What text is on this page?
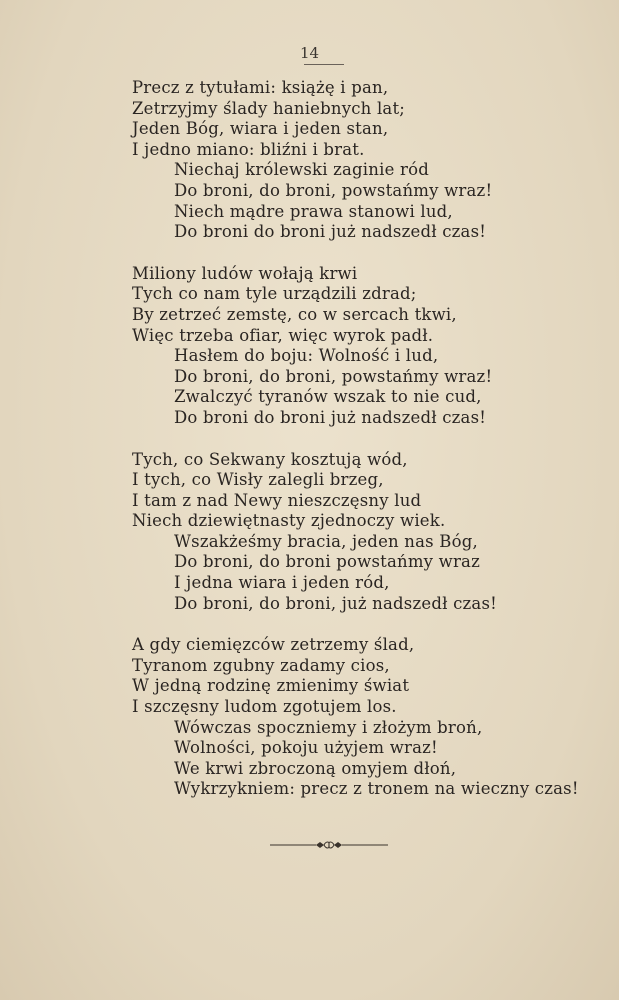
14
Precz z tytułami: książę i pan,
Zetrzyjmy ślady haniebnych lat;
Jeden Bóg, wiara i jeden stan,
I jedno miano: bliźni i brat.
Niechaj królewski zaginie ród
Do broni, do broni, powstańmy wraz!
Niech mądre prawa stanowi lud,
Do broni do broni już nadszedł czas!
Miliony ludów wołają krwi
Tych co nam tyle urządzili zdrad;
By zetrzeć zemstę, co w sercach tkwi,
Więc trzeba ofiar, więc wyrok padł.
Hasłem do boju: Wolność i lud,
Do broni, do broni, powstańmy wraz!
Zwalczyć tyranów wszak to nie cud,
Do broni do broni już nadszedł czas!
Tych, co Sekwany kosztują wód,
I tych, co Wisły zalegli brzeg,
I tam z nad Newy nieszczęsny lud
Niech dziewiętnasty zjednoczy wiek.
Wszakżeśmy bracia, jeden nas Bóg,
Do broni, do broni powstańmy wraz
I jedna wiara i jeden ród,
Do broni, do broni, już nadszedł czas!
A gdy ciemięzców zetrzemy ślad,
Tyranom zgubny zadamy cios,
W jedną rodzinę zmienimy świat
I szczęsny ludom zgotujem los.
Wówczas spoczniemy i złożym broń,
Wolności, pokoju użyjem wraz!
We krwi zbroczoną omyjem dłoń,
Wykrzykniem: precz z tronem na wieczny czas!
